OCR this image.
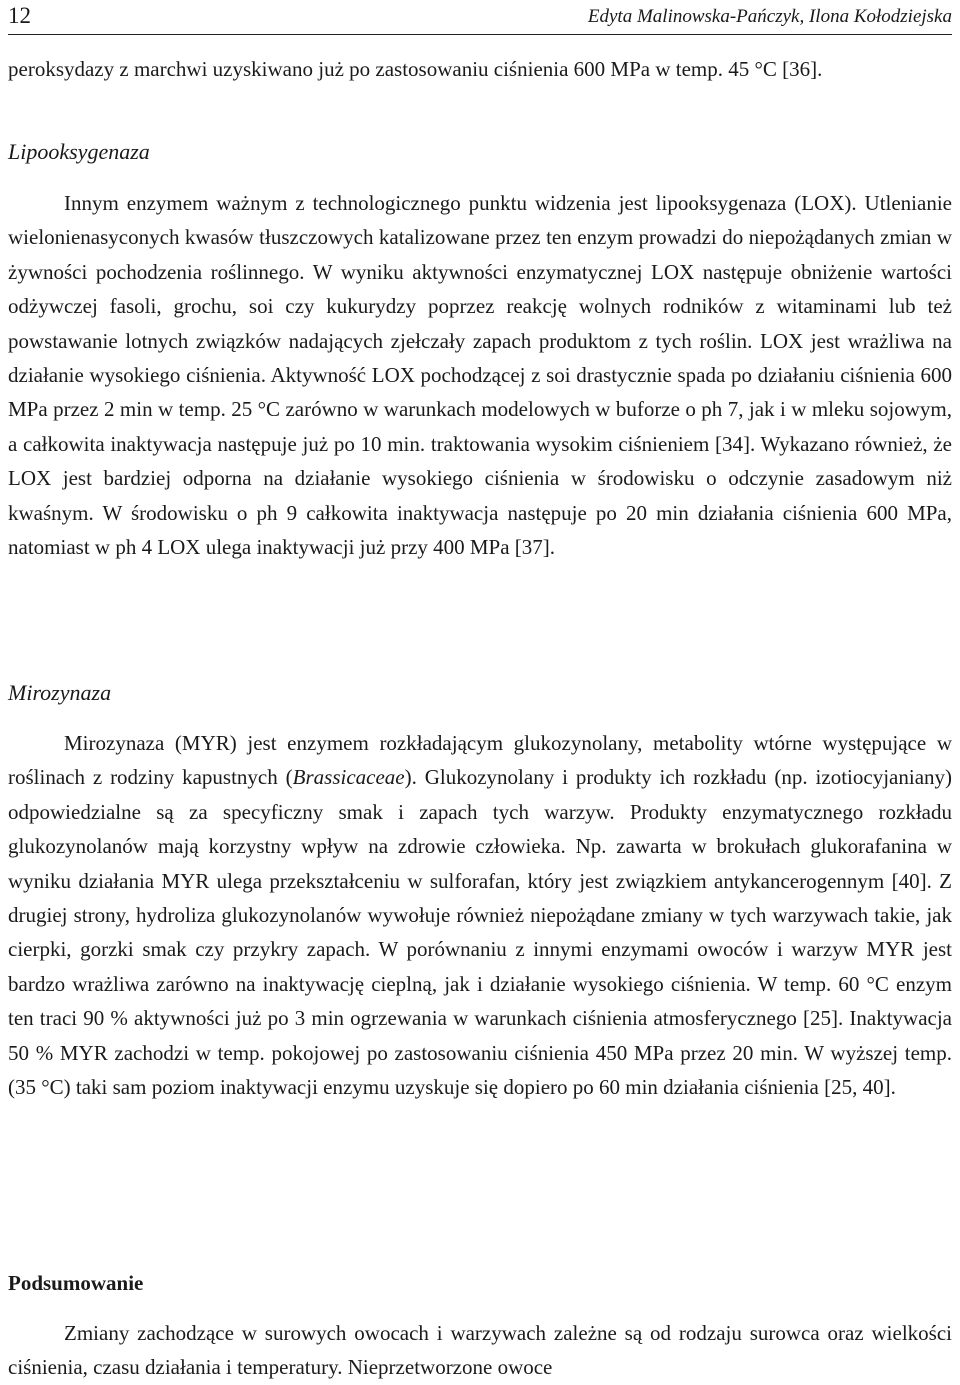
12	Edyta Malinowska-Pańczyk, Ilona Kołodziejska
peroksydazy z marchwi uzyskiwano już po zastosowaniu ciśnienia 600 MPa w temp. 45 °C [36].
Lipooksygenaza
Innym enzymem ważnym z technologicznego punktu widzenia jest lipooksygenaza (LOX). Utlenianie wielonienasyconych kwasów tłuszczowych katalizowane przez ten enzym prowadzi do niepożądanych zmian w żywności pochodzenia roślinnego. W wyniku aktywności enzymatycznej LOX następuje obniżenie wartości odżywczej fasoli, grochu, soi czy kukurydzy poprzez reakcję wolnych rodników z witaminami lub też powstawanie lotnych związków nadających zjełczały zapach produktom z tych roślin. LOX jest wrażliwa na działanie wysokiego ciśnienia. Aktywność LOX pochodzącej z soi drastycznie spada po działaniu ciśnienia 600 MPa przez 2 min w temp. 25 °C zarówno w warunkach modelowych w buforze o ph 7, jak i w mleku sojowym, a całkowita inaktywacja następuje już po 10 min. traktowania wysokim ciśnieniem [34]. Wykazano również, że LOX jest bardziej odporna na działanie wysokiego ciśnienia w środowisku o odczynie zasadowym niż kwaśnym. W środowisku o ph 9 całkowita inaktywacja następuje po 20 min działania ciśnienia 600 MPa, natomiast w ph 4 LOX ulega inaktywacji już przy 400 MPa [37].
Mirozynaza
Mirozynaza (MYR) jest enzymem rozkładającym glukozynolany, metabolity wtórne występujące w roślinach z rodziny kapustnych (Brassicaceae). Glukozynolany i produkty ich rozkładu (np. izotiocyjaniany) odpowiedzialne są za specyficzny smak i zapach tych warzyw. Produkty enzymatycznego rozkładu glukozynolanów mają korzystny wpływ na zdrowie człowieka. Np. zawarta w brokułach glukorafanina w wyniku działania MYR ulega przekształceniu w sulforafan, który jest związkiem antykancerogennym [40]. Z drugiej strony, hydroliza glukozynolanów wywołuje również niepożądane zmiany w tych warzywach takie, jak cierpki, gorzki smak czy przykry zapach. W porównaniu z innymi enzymami owoców i warzyw MYR jest bardzo wrażliwa zarówno na inaktywację cieplną, jak i działanie wysokiego ciśnienia. W temp. 60 °C enzym ten traci 90 % aktywności już po 3 min ogrzewania w warunkach ciśnienia atmosferycznego [25]. Inaktywacja 50 % MYR zachodzi w temp. pokojowej po zastosowaniu ciśnienia 450 MPa przez 20 min. W wyższej temp. (35 °C) taki sam poziom inaktywacji enzymu uzyskuje się dopiero po 60 min działania ciśnienia [25, 40].
Podsumowanie
Zmiany zachodzące w surowych owocach i warzywach zależne są od rodzaju surowca oraz wielkości ciśnienia, czasu działania i temperatury. Nieprzetworzone owoce
